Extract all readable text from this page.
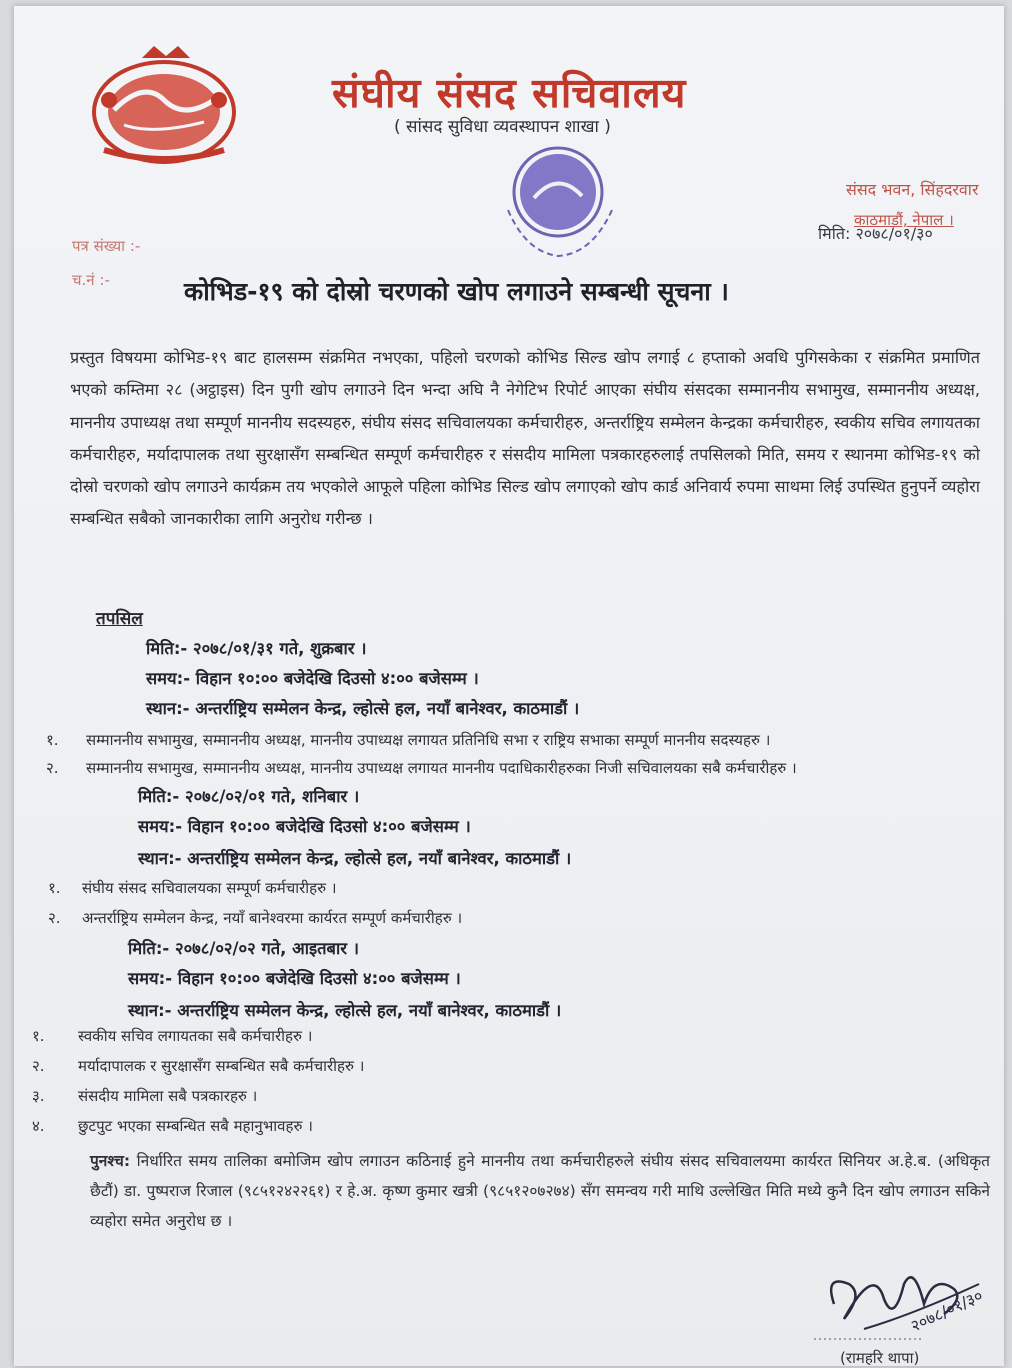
संघीय संसद सचिवालय
( सांसद सुविधा व्यवस्थापन शाखा )
संसद भवन, सिंहदरवार
काठमाडौं, नेपाल ।
मिति: २०७८/०१/३०
पत्र संख्या :-
च.नं :-	कोभिड-१९ को दोस्रो चरणको खोप लगाउने सम्बन्धी सूचना ।
प्रस्तुत विषयमा कोभिड-१९ बाट हालसम्म संक्रमित नभएका, पहिलो चरणको कोभिड सिल्ड खोप लगाई ८ हप्ताको अवधि पुगिसकेका र संक्रमित प्रमाणित भएको कम्तिमा २८ (अट्ठाइस) दिन पुगी खोप लगाउने दिन भन्दा अघि नै नेगेटिभ रिपोर्ट आएका संघीय संसदका सम्माननीय सभामुख, सम्माननीय अध्यक्ष, माननीय उपाध्यक्ष तथा सम्पूर्ण माननीय सदस्यहरु, संघीय संसद सचिवालयका कर्मचारीहरु, अन्तर्राष्ट्रिय सम्मेलन केन्द्रका कर्मचारीहरु, स्वकीय सचिव लगायतका कर्मचारीहरु, मर्यादापालक तथा सुरक्षासँग सम्बन्धित सम्पूर्ण कर्मचारीहरु र संसदीय मामिला पत्रकारहरुलाई तपसिलको मिति, समय र स्थानमा कोभिड-१९ को दोस्रो चरणको खोप लगाउने कार्यक्रम तय भएकोले आफूले पहिला कोभिड सिल्ड खोप लगाएको खोप कार्ड अनिवार्य रुपमा साथमा लिई उपस्थित हुनुपर्ने व्यहोरा सम्बन्धित सबैको जानकारीका लागि अनुरोध गरीन्छ ।
तपसिल
मिति:- २०७८/०१/३१ गते, शुक्रबार ।
समय:- विहान १०:०० बजेदेखि दिउसो ४:०० बजेसम्म ।
स्थान:- अन्तर्राष्ट्रिय सम्मेलन केन्द्र, ल्होत्से हल, नयाँ बानेश्वर, काठमाडौं ।
१. सम्माननीय सभामुख, सम्माननीय अध्यक्ष, माननीय उपाध्यक्ष लगायत प्रतिनिधि सभा र राष्ट्रिय सभाका सम्पूर्ण माननीय सदस्यहरु ।
२. सम्माननीय सभामुख, सम्माननीय अध्यक्ष, माननीय उपाध्यक्ष लगायत माननीय पदाधिकारीहरुका निजी सचिवालयका सबै कर्मचारीहरु ।
मिति:- २०७८/०२/०१ गते, शनिबार ।
समय:- विहान १०:०० बजेदेखि दिउसो ४:०० बजेसम्म ।
स्थान:- अन्तर्राष्ट्रिय सम्मेलन केन्द्र, ल्होत्से हल, नयाँ बानेश्वर, काठमाडौं ।
१. संघीय संसद सचिवालयका सम्पूर्ण कर्मचारीहरु ।
२. अन्तर्राष्ट्रिय सम्मेलन केन्द्र, नयाँ बानेश्वरमा कार्यरत सम्पूर्ण कर्मचारीहरु ।
मिति:- २०७८/०२/०२ गते, आइतबार ।
समय:- विहान १०:०० बजेदेखि दिउसो ४:०० बजेसम्म ।
स्थान:- अन्तर्राष्ट्रिय सम्मेलन केन्द्र, ल्होत्से हल, नयाँ बानेश्वर, काठमाडौं ।
१. स्वकीय सचिव लगायतका सबै कर्मचारीहरु ।
२. मर्यादापालक र सुरक्षासँग सम्बन्धित सबै कर्मचारीहरु ।
३. संसदीय मामिला सबै पत्रकारहरु ।
४. छुटपुट भएका सम्बन्धित सबै महानुभावहरु ।
पुनश्च: निर्धारित समय तालिका बमोजिम खोप लगाउन कठिनाई हुने माननीय तथा कर्मचारीहरुले संघीय संसद सचिवालयमा कार्यरत सिनियर अ.हे.ब. (अधिकृत छैटौं) डा. पुष्पराज रिजाल (९८५१२४२२६१) र हे.अ. कृष्ण कुमार खत्री (९८५१२०७२७४) सँग समन्वय गरी माथि उल्लेखित मिति मध्ये कुनै दिन खोप लगाउन सकिने व्यहोरा समेत अनुरोध छ ।
२०७८/०१/३०
(रामहरि थापा)
